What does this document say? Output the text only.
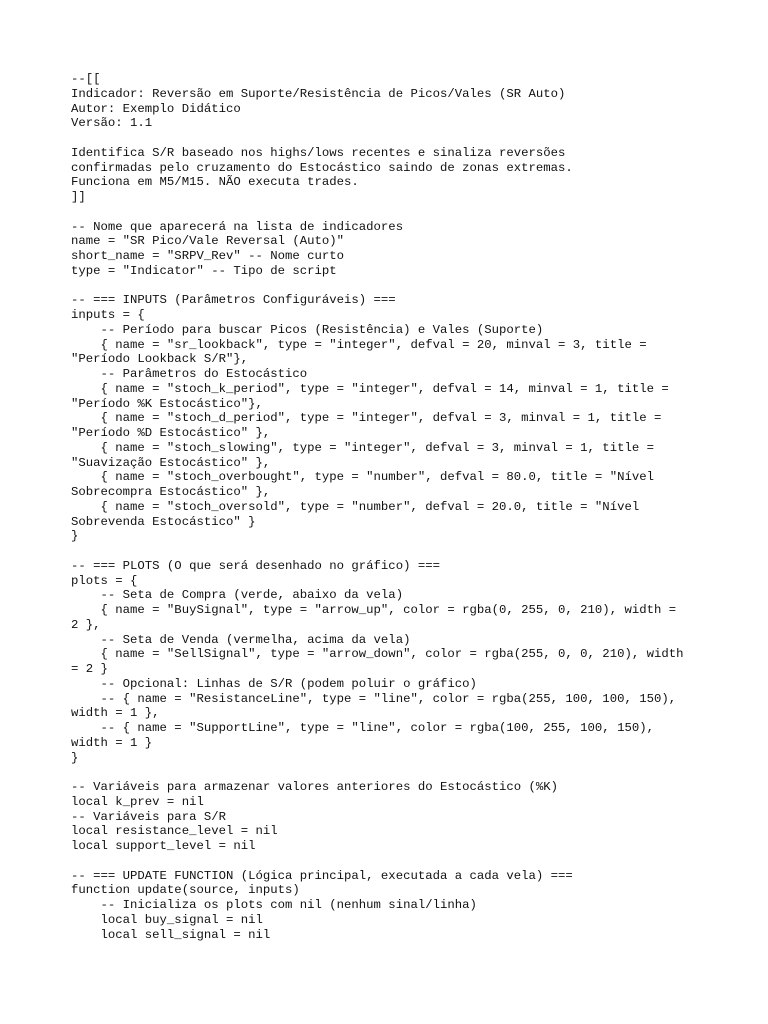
--[[
Indicador: Reversão em Suporte/Resistência de Picos/Vales (SR Auto)
Autor: Exemplo Didático
Versão: 1.1
Identifica S/R baseado nos highs/lows recentes e sinaliza reversões
confirmadas pelo cruzamento do Estocástico saindo de zonas extremas.
Funciona em M5/M15. NÃO executa trades.
]]
-- Nome que aparecerá na lista de indicadores
name = "SR Pico/Vale Reversal (Auto)"
short_name = "SRPV_Rev" -- Nome curto
type = "Indicator" -- Tipo de script
-- === INPUTS (Parâmetros Configuráveis) ===
inputs = {
-- Período para buscar Picos (Resistência) e Vales (Suporte)
{ name = "sr_lookback", type = "integer", defval = 20, minval = 3, title =
"Período Lookback S/R"},
-- Parâmetros do Estocástico
{ name = "stoch_k_period", type = "integer", defval = 14, minval = 1, title =
"Período %K Estocástico"},
{ name = "stoch_d_period", type = "integer", defval = 3, minval = 1, title =
"Período %D Estocástico" },
{ name = "stoch_slowing", type = "integer", defval = 3, minval = 1, title =
"Suavização Estocástico" },
{ name = "stoch_overbought", type = "number", defval = 80.0, title = "Nível
Sobrecompra Estocástico" },
{ name = "stoch_oversold", type = "number", defval = 20.0, title = "Nível
Sobrevenda Estocástico" }
}
-- === PLOTS (O que será desenhado no gráfico) ===
plots = {
-- Seta de Compra (verde, abaixo da vela)
{ name = "BuySignal", type = "arrow_up", color = rgba(0, 255, 0, 210), width =
2 },
-- Seta de Venda (vermelha, acima da vela)
{ name = "SellSignal", type = "arrow_down", color = rgba(255, 0, 0, 210), width
= 2 }
-- Opcional: Linhas de S/R (podem poluir o gráfico)
-- { name = "ResistanceLine", type = "line", color = rgba(255, 100, 100, 150),
width = 1 },
-- { name = "SupportLine", type = "line", color = rgba(100, 255, 100, 150),
width = 1 }
}
-- Variáveis para armazenar valores anteriores do Estocástico (%K)
local k_prev = nil
-- Variáveis para S/R
local resistance_level = nil
local support_level = nil
-- === UPDATE FUNCTION (Lógica principal, executada a cada vela) ===
function update(source, inputs)
-- Inicializa os plots com nil (nenhum sinal/linha)
local buy_signal = nil
local sell_signal = nil
